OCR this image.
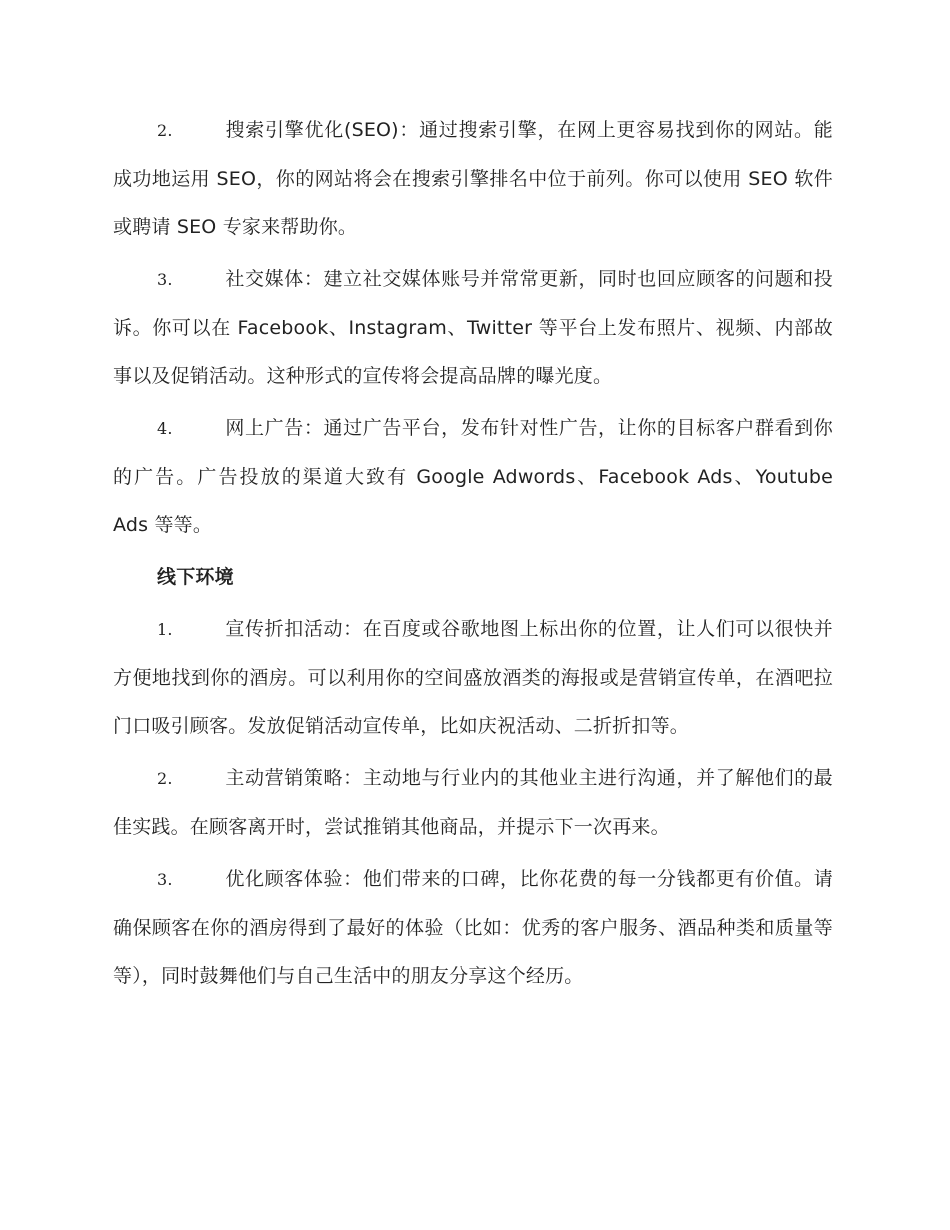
2.	搜索引擎优化(SEO)：通过搜索引擎，在网上更容易找到你的网站。能成功地运用 SEO，你的网站将会在搜索引擎排名中位于前列。你可以使用 SEO 软件或聘请 SEO 专家来帮助你。
3.	社交媒体：建立社交媒体账号并常常更新，同时也回应顾客的问题和投诉。你可以在 Facebook、Instagram、Twitter 等平台上发布照片、视频、内部故事以及促销活动。这种形式的宣传将会提高品牌的曝光度。
4.	网上广告：通过广告平台，发布针对性广告，让你的目标客户群看到你的广告。广告投放的渠道大致有 Google Adwords、Facebook Ads、Youtube Ads 等等。
线下环境
1.	宣传折扣活动：在百度或谷歌地图上标出你的位置，让人们可以很快并方便地找到你的酒房。可以利用你的空间盛放酒类的海报或是营销宣传单，在酒吧拉门口吸引顾客。发放促销活动宣传单，比如庆祝活动、二折折扣等。
2.	主动营销策略：主动地与行业内的其他业主进行沟通，并了解他们的最佳实践。在顾客离开时，尝试推销其他商品，并提示下一次再来。
3.	优化顾客体验：他们带来的口碑，比你花费的每一分钱都更有价值。请确保顾客在你的酒房得到了最好的体验（比如：优秀的客户服务、酒品种类和质量等等），同时鼓舞他们与自己生活中的朋友分享这个经历。
